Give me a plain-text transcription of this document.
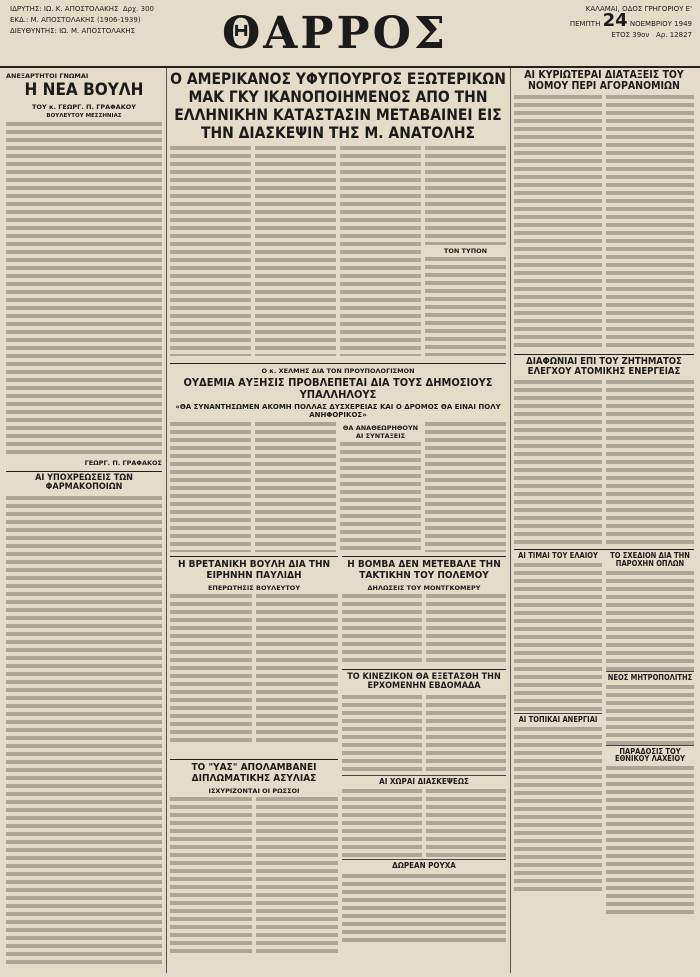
ΙΔΡΥΤΗΣ: ΙΩ. Κ. ΑΠΟΣΤΟΛΑΚΗΣ Δρχ. 300
ΕΚΔ.: Μ. ΑΠΟΣΤΟΛΑΚΗΣ (1906-1939)
ΔΙΕΥΘΥΝΤΗΣ: ΙΩ. Μ. ΑΠΟΣΤΟΛΑΚΗΣ	ΘΑΡΡΟΣ	ΚΑΛΑΜΑΙ, ΟΔΟΣ ΓΡΗΓΟΡΙΟΥ Ε'
ΠΕΜΠΤΗ 24 ΝΟΕΜΒΡΙΟΥ 1949
ΕΤΟΣ 39ον Αρ. 12827
ΑΝΕΞΑΡΤΗΤΟΙ ΓΝΩΜΑΙ
Η ΝΕΑ ΒΟΥΛΗ
ΤΟΥ κ. ΓΕΩΡΓ. Π. ΓΡΑΦΑΚΟΥ
ΒΟΥΛΕΥΤΟΥ ΜΕΣΣΗΝΙΑΣ
ΓΕΩΡΓ. Π. ΓΡΑΦΑΚΟΣ
ΑΙ ΥΠΟΧΡΕΩΣΕΙΣ ΤΩΝ ΦΑΡΜΑΚΟΠΟΙΩΝ
Ο ΑΜΕΡΙΚΑΝΟΣ ΥΦΥΠΟΥΡΓΟΣ ΕΞΩΤΕΡΙΚΩΝ ΜΑΚ ΓΚΥ ΙΚΑΝΟΠΟΙΗΜΕΝΟΣ ΑΠΟ ΤΗΝ ΕΛΛΗΝΙΚΗΝ ΚΑΤΑΣΤΑΣΙΝ ΜΕΤΑΒΑΙΝΕΙ ΕΙΣ ΤΗΝ ΔΙΑΣΚΕΨΙΝ ΤΗΣ Μ. ΑΝΑΤΟΛΗΣ
ΤΟΝ ΤΥΠΟΝ
Ο κ. ΧΕΛΜΗΣ ΔΙΑ ΤΟΝ ΠΡΟΥΠΟΛΟΓΙΣΜΟΝ
ΟΥΔΕΜΙΑ ΑΥΞΗΣΙΣ ΠΡΟΒΛΕΠΕΤΑΙ ΔΙΑ ΤΟΥΣ ΔΗΜΟΣΙΟΥΣ ΥΠΑΛΛΗΛΟΥΣ
«ΘΑ ΣΥΝΑΝΤΗΣΩΜΕΝ ΑΚΟΜΗ ΠΟΛΛΑΣ ΔΥΣΧΕΡΕΙΑΣ ΚΑΙ Ο ΔΡΟΜΟΣ ΘΑ ΕΙΝΑΙ ΠΟΛΥ ΑΝΗΦΟΡΙΚΟΣ»
ΘΑ ΑΝΑΘΕΩΡΗΘΟΥΝ ΑΙ ΣΥΝΤΑΞΕΙΣ
Η ΒΡΕΤΑΝΙΚΗ ΒΟΥΛΗ ΔΙΑ ΤΗΝ ΕΙΡΗΝΗΝ ΠΑΥΛΙΔΗ
ΕΠΕΡΩΤΗΣΙΣ ΒΟΥΛΕΥΤΟΥ
Η ΒΟΜΒΑ ΔΕΝ ΜΕΤΕΒΑΛΕ ΤΗΝ ΤΑΚΤΙΚΗΝ ΤΟΥ ΠΟΛΕΜΟΥ
ΔΗΛΩΣΕΙΣ ΤΟΥ ΜΟΝΤΓΚΟΜΕΡΥ
ΤΟ ΚΙΝΕΖΙΚΟΝ ΘΑ ΕΞΕΤΑΣΘΗ ΤΗΝ ΕΡΧΟΜΕΝΗΝ ΕΒΔΟΜΑΔΑ
ΑΙ ΧΩΡΑΙ ΔΙΑΣΚΕΨΕΩΣ
ΔΩΡΕΑΝ ΡΟΥΧΑ
ΤΟ "ΥΑΣ" ΑΠΟΛΑΜΒΑΝΕΙ ΔΙΠΛΩΜΑΤΙΚΗΣ ΑΣΥΛΙΑΣ
ΙΣΧΥΡΙΖΟΝΤΑΙ ΟΙ ΡΩΣΣΟΙ
ΑΙ ΚΥΡΙΩΤΕΡΑΙ ΔΙΑΤΑΞΕΙΣ ΤΟΥ ΝΟΜΟΥ ΠΕΡΙ ΑΓΟΡΑΝΟΜΙΩΝ
ΔΙΑΦΩΝΙΑΙ ΕΠΙ ΤΟΥ ΖΗΤΗΜΑΤΟΣ ΕΛΕΓΧΟΥ ΑΤΟΜΙΚΗΣ ΕΝΕΡΓΕΙΑΣ
ΑΙ ΤΙΜΑΙ ΤΟΥ ΕΛΑΙΟΥ
ΑΙ ΤΟΠΙΚΑΙ ΑΝΕΡΓΙΑΙ
ΤΟ ΣΧΕΔΙΟΝ ΔΙΑ ΤΗΝ ΠΑΡΟΧΗΝ ΟΠΛΩΝ
ΝΕΟΣ ΜΗΤΡΟΠΟΛΙΤΗΣ
ΠΑΡΑΔΟΣΙΣ ΤΟΥ ΕΘΝΙΚΟΥ ΛΑΧΕΙΟΥ
